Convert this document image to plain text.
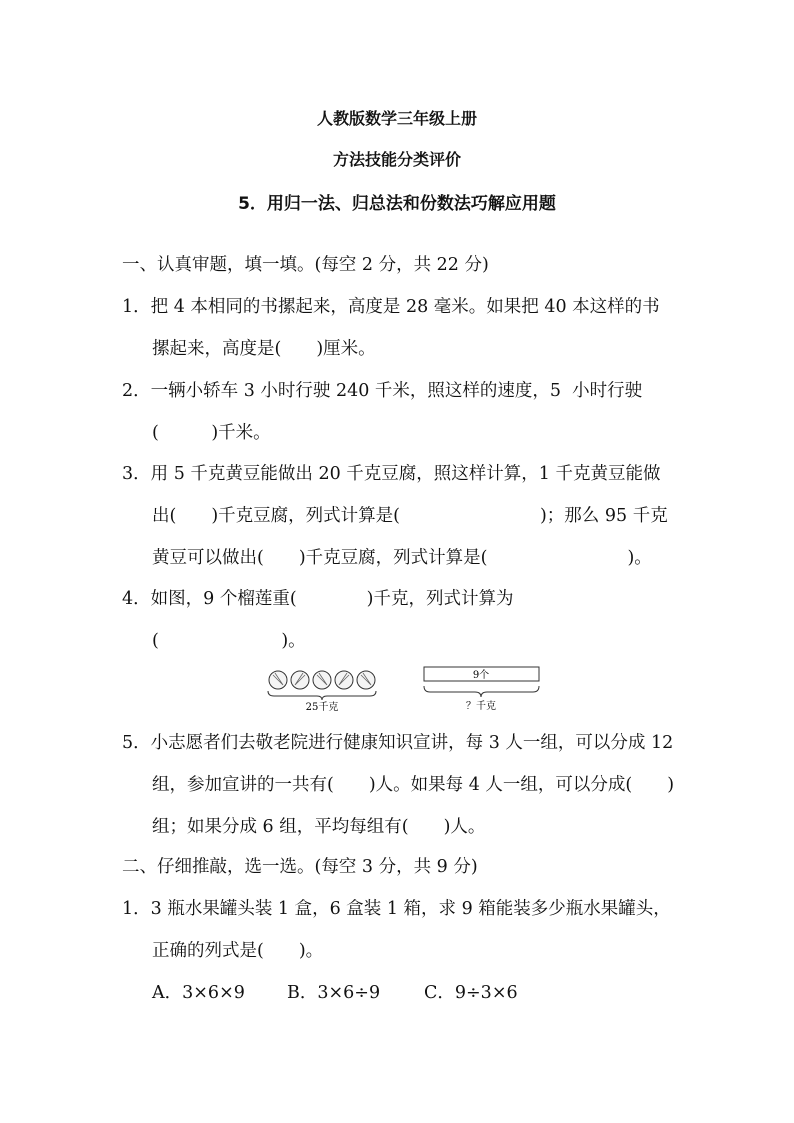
人教版数学三年级上册
方法技能分类评价
5．用归一法、归总法和份数法巧解应用题
一、认真审题，填一填。(每空 2 分，共 22 分)
1．把 4 本相同的书摞起来，高度是 28 毫米。如果把 40 本这样的书
摞起来，高度是(　　)厘米。
2．一辆小轿车 3 小时行驶 240 千米，照这样的速度，5  小时行驶
(　　　)千米。
3．用 5 千克黄豆能做出 20 千克豆腐，照这样计算，1 千克黄豆能做
出(　　)千克豆腐，列式计算是(　　　　　　　　)；那么 95 千克
黄豆可以做出(　　)千克豆腐，列式计算是(　　　　　　　　)。
4．如图，9 个榴莲重(　　　　)千克，列式计算为
(　　　　　　　)。
25千克
9个
？千克
5．小志愿者们去敬老院进行健康知识宣讲，每 3 人一组，可以分成 12
组，参加宣讲的一共有(　　)人。如果每 4 人一组，可以分成(　　)
组；如果分成 6 组，平均每组有(　　)人。
二、仔细推敲，选一选。(每空 3 分，共 9 分)
1．3 瓶水果罐头装 1 盒，6 盒装 1 箱，求 9 箱能装多少瓶水果罐头，
正确的列式是(　　)。
A．3×6×9 B．3×6÷9	C．9÷3×6
